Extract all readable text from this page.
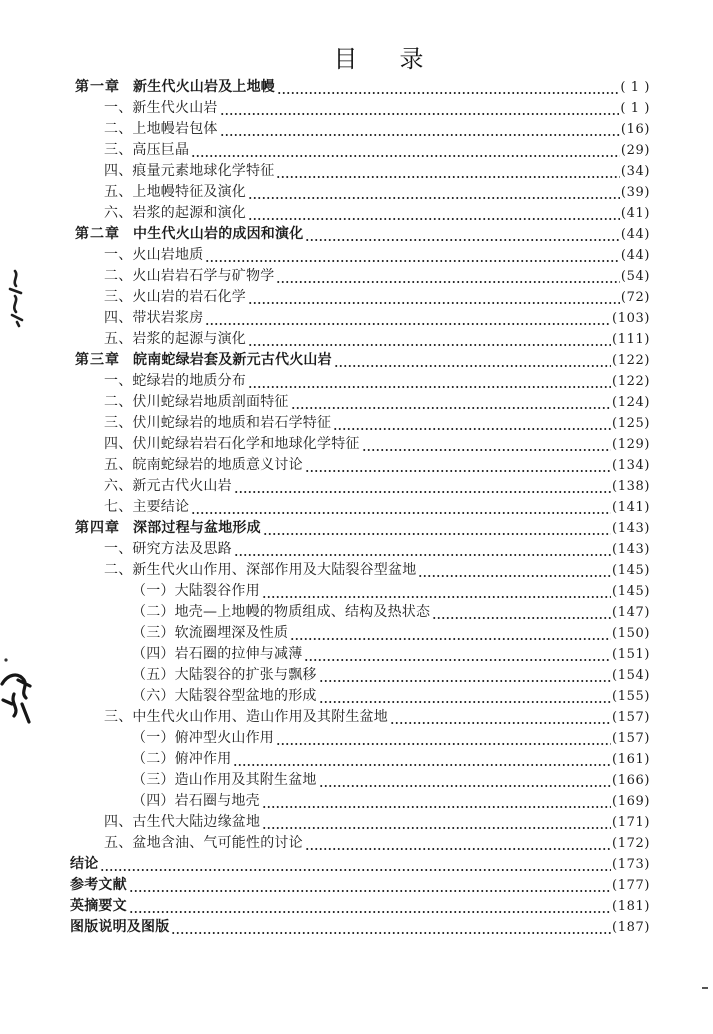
目　录
第一章 新生代火山岩及上地幔	( 1 )
一、新生代火山岩	( 1 )
二、上地幔岩包体	(16)
三、高压巨晶	(29)
四、痕量元素地球化学特征	(34)
五、上地幔特征及演化	(39)
六、岩浆的起源和演化	(41)
第二章 中生代火山岩的成因和演化	(44)
一、火山岩地质	(44)
二、火山岩岩石学与矿物学	(54)
三、火山岩的岩石化学	(72)
四、带状岩浆房	(103)
五、岩浆的起源与演化	(111)
第三章 皖南蛇绿岩套及新元古代火山岩	(122)
一、蛇绿岩的地质分布	(122)
二、伏川蛇绿岩地质剖面特征	(124)
三、伏川蛇绿岩的地质和岩石学特征	(125)
四、伏川蛇绿岩岩石化学和地球化学特征	(129)
五、皖南蛇绿岩的地质意义讨论	(134)
六、新元古代火山岩	(138)
七、主要结论	(141)
第四章 深部过程与盆地形成	(143)
一、研究方法及思路	(143)
二、新生代火山作用、深部作用及大陆裂谷型盆地	(145)
（一）大陆裂谷作用	(145)
（二）地壳—上地幔的物质组成、结构及热状态	(147)
（三）软流圈埋深及性质	(150)
（四）岩石圈的拉伸与减薄	(151)
（五）大陆裂谷的扩张与飘移	(154)
（六）大陆裂谷型盆地的形成	(155)
三、中生代火山作用、造山作用及其附生盆地	(157)
（一）俯冲型火山作用	(157)
（二）俯冲作用	(161)
（三）造山作用及其附生盆地	(166)
（四）岩石圈与地壳	(169)
四、古生代大陆边缘盆地	(171)
五、盆地含油、气可能性的讨论	(172)
结论	(173)
参考文献	(177)
英摘要文	(181)
图版说明及图版	(187)
